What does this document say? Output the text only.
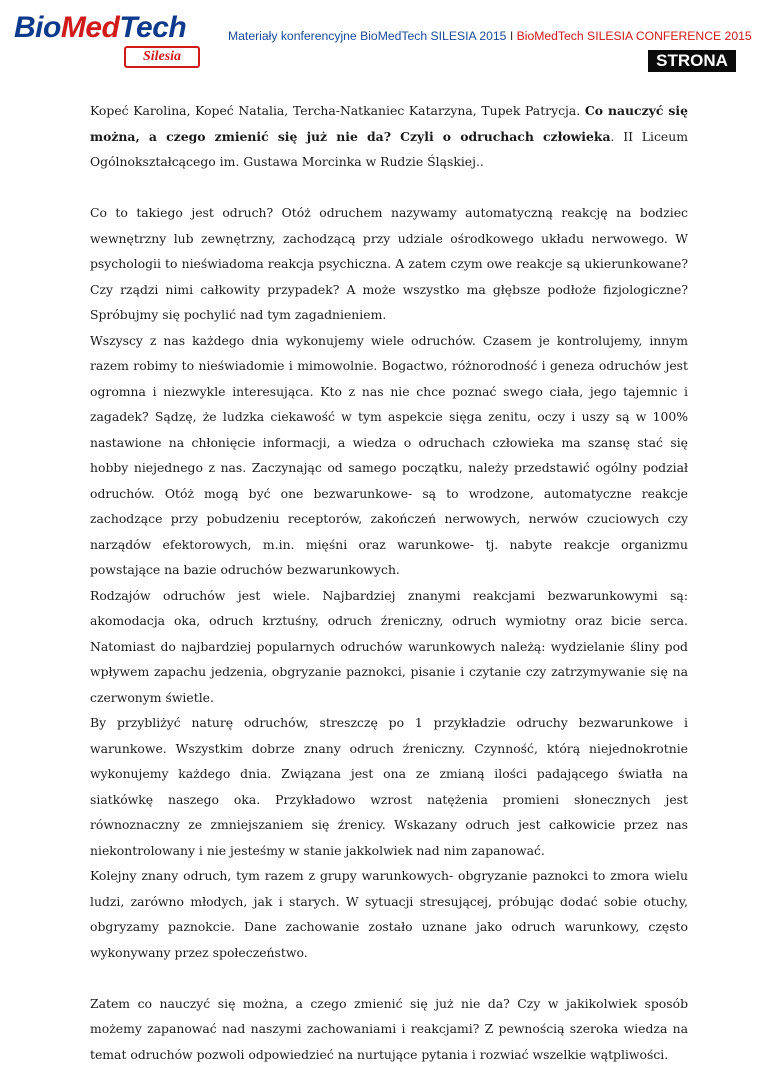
BioMedTech
Silesia
Materiały konferencyjne BioMedTech SILESIA 2015 I BioMedTech SILESIA CONFERENCE 2015
STRONA 17

Kopeć Karolina, Kopeć Natalia, Tercha-Natkaniec Katarzyna, Tupek Patrycja. Co nauczyć się można, a czego zmienić się już nie da? Czyli o odruchach człowieka. II Liceum Ogólnokształcącego im. Gustawa Morcinka w Rudzie Śląskiej..

Co to takiego jest odruch? Otóż odruchem nazywamy automatyczną reakcję na bodziec wewnętrzny lub zewnętrzny, zachodzącą przy udziale ośrodkowego układu nerwowego. W psychologii to nieświadoma reakcja psychiczna. A zatem czym owe reakcje są ukierunkowane? Czy rządzi nimi całkowity przypadek? A może wszystko ma głębsze podłoże fizjologiczne? Spróbujmy się pochylić nad tym zagadnieniem.

Wszyscy z nas każdego dnia wykonujemy wiele odruchów. Czasem je kontrolujemy, innym razem robimy to nieświadomie i mimowolnie. Bogactwo, różnorodność i geneza odruchów jest ogromna i niezwykle interesująca. Kto z nas nie chce poznać swego ciała, jego tajemnic i zagadek? Sądzę, że ludzka ciekawość w tym aspekcie sięga zenitu, oczy i uszy są w 100% nastawione na chłonięcie informacji, a wiedza o odruchach człowieka ma szansę stać się hobby niejednego z nas. Zaczynając od samego początku, należy przedstawić ogólny podział odruchów. Otóż mogą być one bezwarunkowe- są to wrodzone, automatyczne reakcje zachodzące przy pobudzeniu receptorów, zakończeń nerwowych, nerwów czuciowych czy narządów efektorowych, m.in. mięśni oraz warunkowe- tj. nabyte reakcje organizmu powstające na bazie odruchów bezwarunkowych.

Rodzajów odruchów jest wiele. Najbardziej znanymi reakcjami bezwarunkowymi są: akomodacja oka, odruch krztuśny, odruch źreniczny, odruch wymiotny oraz bicie serca. Natomiast do najbardziej popularnych odruchów warunkowych należą: wydzielanie śliny pod wpływem zapachu jedzenia, obgryzanie paznokci, pisanie i czytanie czy zatrzymywanie się na czerwonym świetle.

By przybliżyć naturę odruchów, streszczę po 1 przykładzie odruchy bezwarunkowe i warunkowe. Wszystkim dobrze znany odruch źreniczny. Czynność, którą niejednokrotnie wykonujemy każdego dnia. Związana jest ona ze zmianą ilości padającego światła na siatkówkę naszego oka. Przykładowo wzrost natężenia promieni słonecznych jest równoznaczny ze zmniejszaniem się źrenicy. Wskazany odruch jest całkowicie przez nas niekontrolowany i nie jesteśmy w stanie jakkolwiek nad nim zapanować.

Kolejny znany odruch, tym razem z grupy warunkowych- obgryzanie paznokci to zmora wielu ludzi, zarówno młodych, jak i starych. W sytuacji stresującej, próbując dodać sobie otuchy, obgryzamy paznokcie. Dane zachowanie zostało uznane jako odruch warunkowy, często wykonywany przez społeczeństwo.

Zatem co nauczyć się można, a czego zmienić się już nie da? Czy w jakikolwiek sposób możemy zapanować nad naszymi zachowaniami i reakcjami? Z pewnością szeroka wiedza na temat odruchów pozwoli odpowiedzieć na nurtujące pytania i rozwiać wszelkie wątpliwości.
